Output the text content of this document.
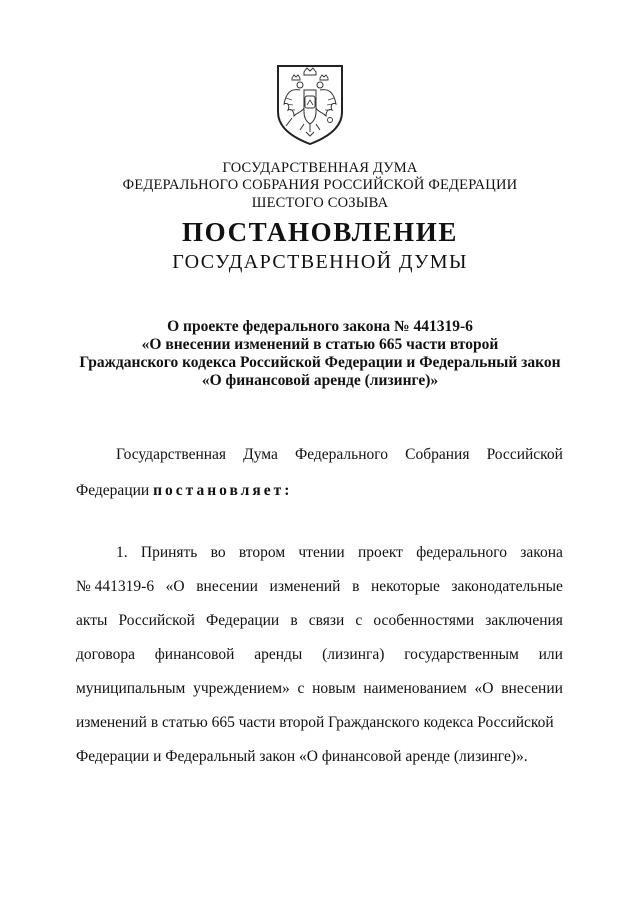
ГОСУДАРСТВЕННАЯ ДУМА
ФЕДЕРАЛЬНОГО СОБРАНИЯ РОССИЙСКОЙ ФЕДЕРАЦИИ
ШЕСТОГО СОЗЫВА
ПОСТАНОВЛЕНИЕ
ГОСУДАРСТВЕННОЙ ДУМЫ
О проекте федерального закона № 441319-6
«О внесении изменений в статью 665 части второй
Гражданского кодекса Российской Федерации и Федеральный закон
«О финансовой аренде (лизинге)»
Государственная Дума Федерального Собрания Российской
Федерации постановляет:
1. Принять во втором чтении проект федерального закона
№ 441319-6 «О внесении изменений в некоторые законодательные
акты Российской Федерации в связи с особенностями заключения
договора финансовой аренды (лизинга) государственным или
муниципальным учреждением» с новым наименованием «О внесении
изменений в статью 665 части второй Гражданского кодекса Российской
Федерации и Федеральный закон «О финансовой аренде (лизинге)».
